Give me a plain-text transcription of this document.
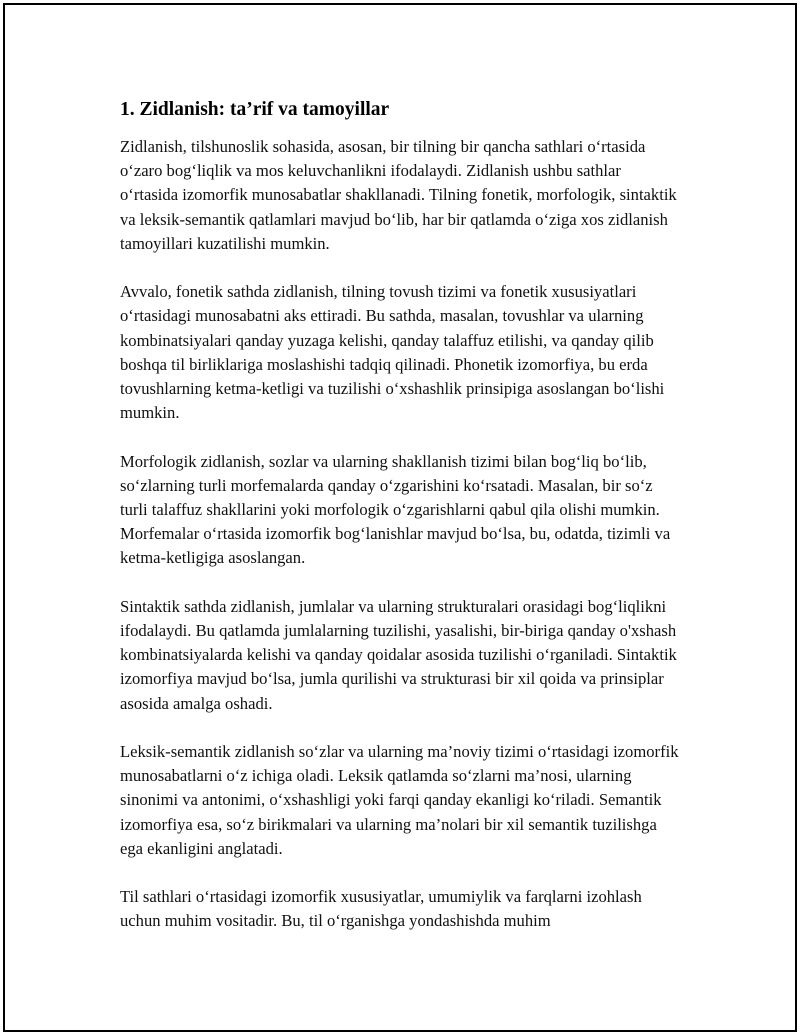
1. Zidlanish: ta’rif va tamoyillar

Zidlanish, tilshunoslik sohasida, asosan, bir tilning bir qancha sathlari o‘rtasida o‘zaro bog‘liqlik va mos keluvchanlikni ifodalaydi. Zidlanish ushbu sathlar o‘rtasida izomorfik munosabatlar shakllanadi. Tilning fonetik, morfologik, sintaktik va leksik-semantik qatlamlari mavjud bo‘lib, har bir qatlamda o‘ziga xos zidlanish tamoyillari kuzatilishi mumkin.

Avvalo, fonetik sathda zidlanish, tilning tovush tizimi va fonetik xususiyatlari o‘rtasidagi munosabatni aks ettiradi. Bu sathda, masalan, tovushlar va ularning kombinatsiyalari qanday yuzaga kelishi, qanday talaffuz etilishi, va qanday qilib boshqa til birliklariga moslashishi tadqiq qilinadi. Phonetik izomorfiya, bu erda tovushlarning ketma-ketligi va tuzilishi o‘xshashlik prinsipiga asoslangan bo‘lishi mumkin.

Morfologik zidlanish, sozlar va ularning shakllanish tizimi bilan bog‘liq bo‘lib, so‘zlarning turli morfemalarda qanday o‘zgarishini ko‘rsatadi. Masalan, bir so‘z turli talaffuz shakllarini yoki morfologik o‘zgarishlarni qabul qila olishi mumkin. Morfemalar o‘rtasida izomorfik bog‘lanishlar mavjud bo‘lsa, bu, odatda, tizimli va ketma-ketligiga asoslangan.

Sintaktik sathda zidlanish, jumlalar va ularning strukturalari orasidagi bog‘liqlikni ifodalaydi. Bu qatlamda jumlalarning tuzilishi, yasalishi, bir-biriga qanday o'xshash kombinatsiyalarda kelishi va qanday qoidalar asosida tuzilishi o‘rganiladi. Sintaktik izomorfiya mavjud bo‘lsa, jumla qurilishi va strukturasi bir xil qoida va prinsiplar asosida amalga oshadi.

Leksik-semantik zidlanish so‘zlar va ularning ma’noviy tizimi o‘rtasidagi izomorfik munosabatlarni o‘z ichiga oladi. Leksik qatlamda so‘zlarni ma’nosi, ularning sinonimi va antonimi, o‘xshashligi yoki farqi qanday ekanligi ko‘riladi. Semantik izomorfiya esa, so‘z birikmalari va ularning ma’nolari bir xil semantik tuzilishga ega ekanligini anglatadi.

Til sathlari o‘rtasidagi izomorfik xususiyatlar, umumiylik va farqlarni izohlash uchun muhim vositadir. Bu, til o‘rganishga yondashishda muhim
